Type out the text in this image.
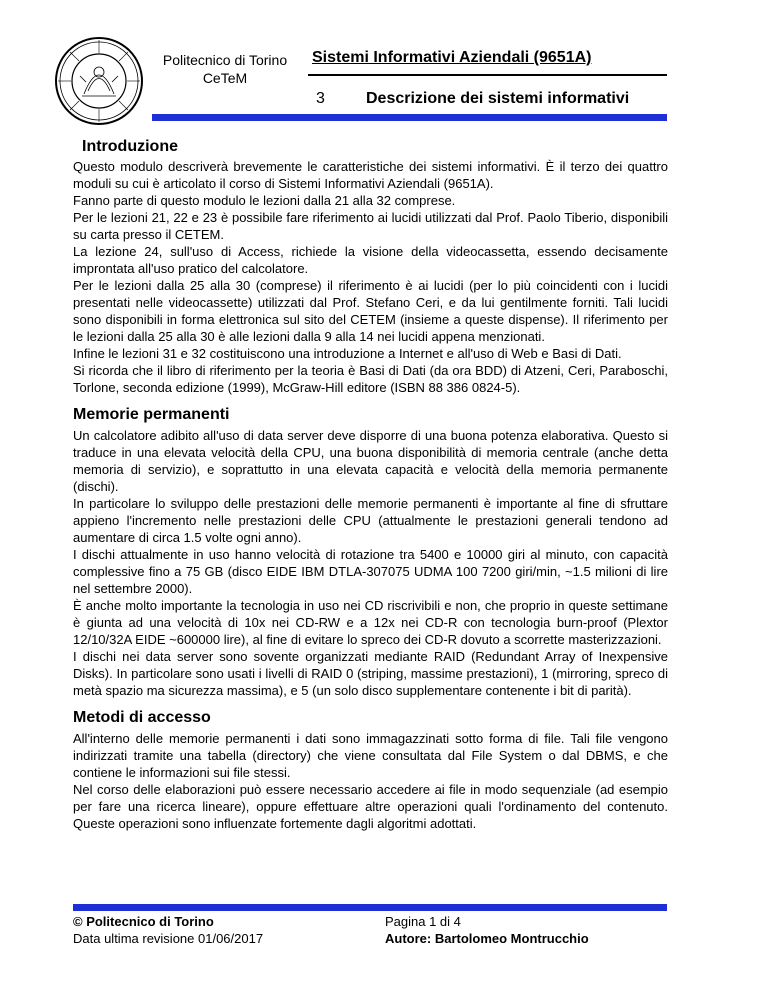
Politecnico di Torino
CeTeM
Sistemi Informativi Aziendali (9651A)
3	Descrizione dei sistemi informativi
Introduzione

Questo modulo descriverà brevemente le caratteristiche dei sistemi informativi. È il terzo dei quattro moduli su cui è articolato il corso di Sistemi Informativi Aziendali (9651A).

Fanno parte di questo modulo le lezioni dalla 21 alla 32 comprese.

Per le lezioni 21, 22 e 23 è possibile fare riferimento ai lucidi utilizzati dal Prof. Paolo Tiberio, disponibili su carta presso il CETEM.

La lezione 24, sull'uso di Access, richiede la visione della videocassetta, essendo decisamente improntata all'uso pratico del calcolatore.

Per le lezioni dalla 25 alla 30 (comprese) il riferimento è ai lucidi (per lo più coincidenti con i lucidi presentati nelle videocassette) utilizzati dal Prof. Stefano Ceri, e da lui gentilmente forniti. Tali lucidi sono disponibili in forma elettronica sul sito del CETEM (insieme a queste dispense). Il riferimento per le lezioni dalla 25 alla 30 è alle lezioni dalla 9 alla 14 nei lucidi appena menzionati.

Infine le lezioni 31 e 32 costituiscono una introduzione a Internet e all'uso di Web e Basi di Dati.

Si ricorda che il libro di riferimento per la teoria è Basi di Dati (da ora BDD) di Atzeni, Ceri, Paraboschi, Torlone, seconda edizione (1999), McGraw-Hill editore (ISBN 88 386 0824-5).

Memorie permanenti

Un calcolatore adibito all'uso di data server deve disporre di una buona potenza elaborativa. Questo si traduce in una elevata velocità della CPU, una buona disponibilità di memoria centrale (anche detta memoria di servizio), e soprattutto in una elevata capacità e velocità della memoria permanente (dischi).

In particolare lo sviluppo delle prestazioni delle memorie permanenti è importante al fine di sfruttare appieno l'incremento nelle prestazioni delle CPU (attualmente le prestazioni generali tendono ad aumentare di circa 1.5 volte ogni anno).

I dischi attualmente in uso hanno velocità di rotazione tra 5400 e 10000 giri al minuto, con capacità complessive fino a 75 GB (disco EIDE IBM DTLA-307075 UDMA 100 7200 giri/min, ~1.5 milioni di lire nel settembre 2000).

È anche molto importante la tecnologia in uso nei CD riscrivibili e non, che proprio in queste settimane è giunta ad una velocità di 10x nei CD-RW e a 12x nei CD-R con tecnologia burn-proof (Plextor 12/10/32A EIDE ~600000 lire), al fine di evitare lo spreco dei CD-R dovuto a scorrette masterizzazioni.

I dischi nei data server sono sovente organizzati mediante RAID (Redundant Array of Inexpensive Disks). In particolare sono usati i livelli di RAID 0 (striping, massime prestazioni), 1 (mirroring, spreco di metà spazio ma sicurezza massima), e 5 (un solo disco supplementare contenente i bit di parità).

Metodi di accesso

All'interno delle memorie permanenti i dati sono immagazzinati sotto forma di file. Tali file vengono indirizzati tramite una tabella (directory) che viene consultata dal File System o dal DBMS, e che contiene le informazioni sui file stessi.

Nel corso delle elaborazioni può essere necessario accedere ai file in modo sequenziale (ad esempio per fare una ricerca lineare), oppure effettuare altre operazioni quali l'ordinamento del contenuto. Queste operazioni sono influenzate fortemente dagli algoritmi adottati.

© Politecnico di Torino
Data ultima revisione 01/06/2017
Pagina 1 di 4
Autore: Bartolomeo Montrucchio
